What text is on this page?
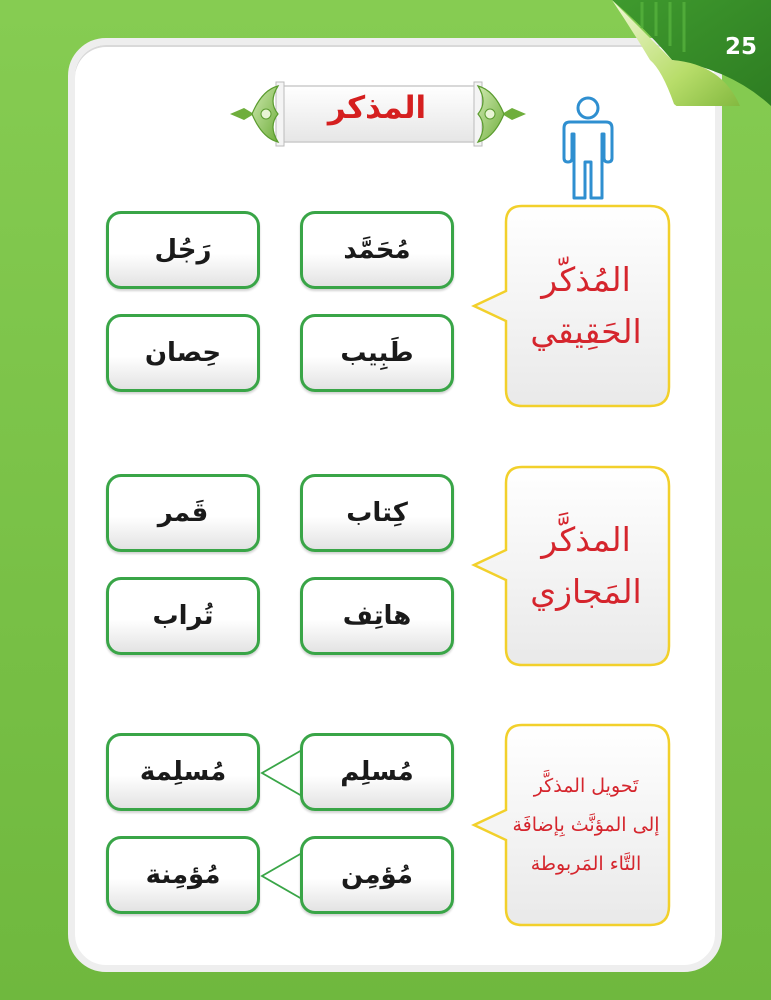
25
المذكر
المُذكّر
الحَقِيقي
مُحَمَّد
رَجُل
طَبِيب
حِصان
المذكَّر
المَجازي
كِتاب
قَمر
هاتِف
تُراب
تَحويل المذكَّر
إلى المؤنَّث بِإضافَة
التَّاء المَربوطة
مُسلِم
مُسلِمة
مُؤمِن
مُؤمِنة
